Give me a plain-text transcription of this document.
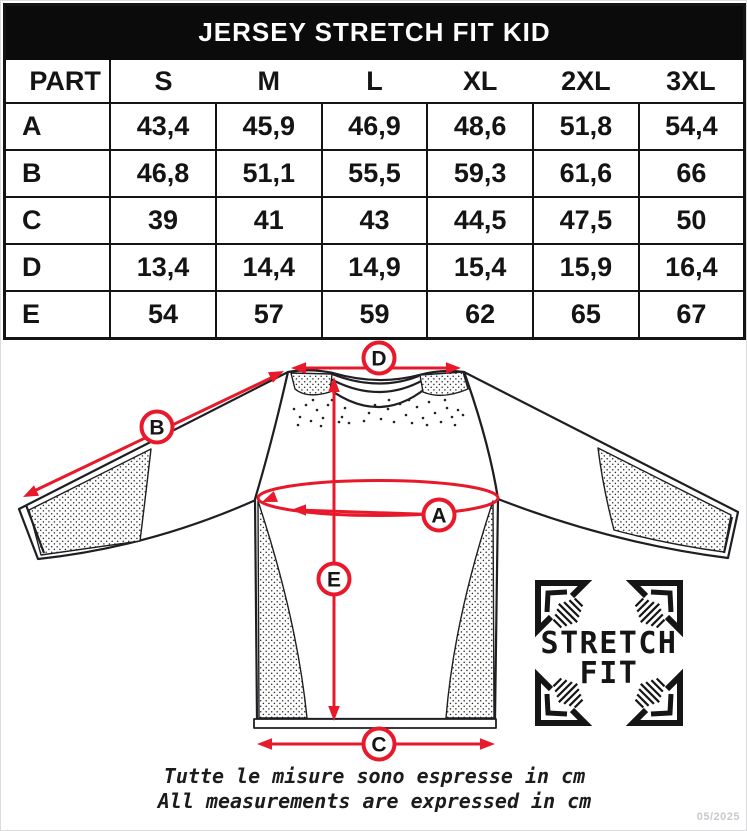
JERSEY STRETCH FIT KID						
PART	S	M	L	XL	2XL	3XL
A	43,4	45,9	46,9	48,6	51,8	54,4
B	46,8	51,1	55,5	59,3	61,6	66
C	39	41	43	44,5	47,5	50
D	13,4	14,4	14,9	15,4	15,9	16,4
E	54	57	59	62	65	67
A
B
C
D
E
STRETCH
FIT

Tutte le misure sono espresse in cm

All measurements are expressed in cm

05/2025
